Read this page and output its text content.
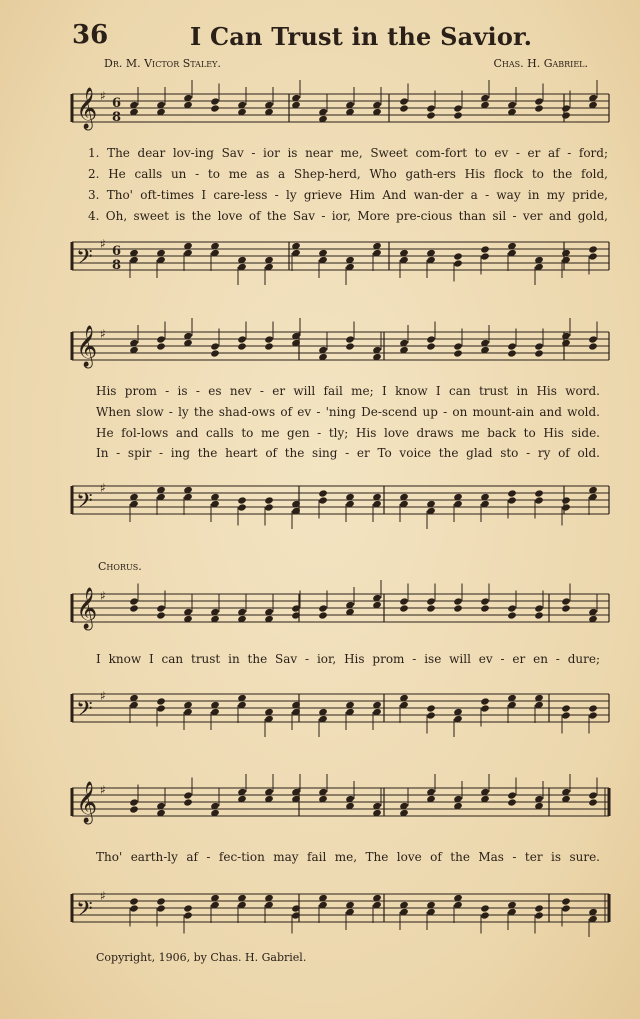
36	I Can Trust in the Savior.
Dr. M. Victor Staley.	Chas. H. Gabriel.
𝄞 ♯ 6
8
1. The dear lov-ing Sav - ior is near me, Sweet com-fort to ev - er af - ford;
2. He calls un - to me as a Shep-herd, Who gath-ers His flock to the fold,
3. Tho' oft-times I care-less - ly grieve Him And wan-der a - way in my pride,
4. Oh, sweet is the love of the Sav - ior, More pre-cious than sil - ver and gold,
𝄢
♯ 6
8
𝄞 ♯
His prom - is - es nev - er will fail me; I know I can trust in His word.
When slow - ly the shad-ows of ev - 'ning De-scend up - on mount-ain and wold.
He fol-lows and calls to me gen - tly; His love draws me back to His side.
In - spir - ing the heart of the sing - er To voice the glad sto - ry of old.
𝄢
♯
Chorus.
𝄞 ♯
I know I can trust in the Sav - ior, His prom - ise will ev - er en - dure;
𝄢
♯
𝄞 ♯
Tho' earth-ly af - fec-tion may fail me, The love of the Mas - ter is sure.
𝄢
♯
Copyright, 1906, by Chas. H. Gabriel.
